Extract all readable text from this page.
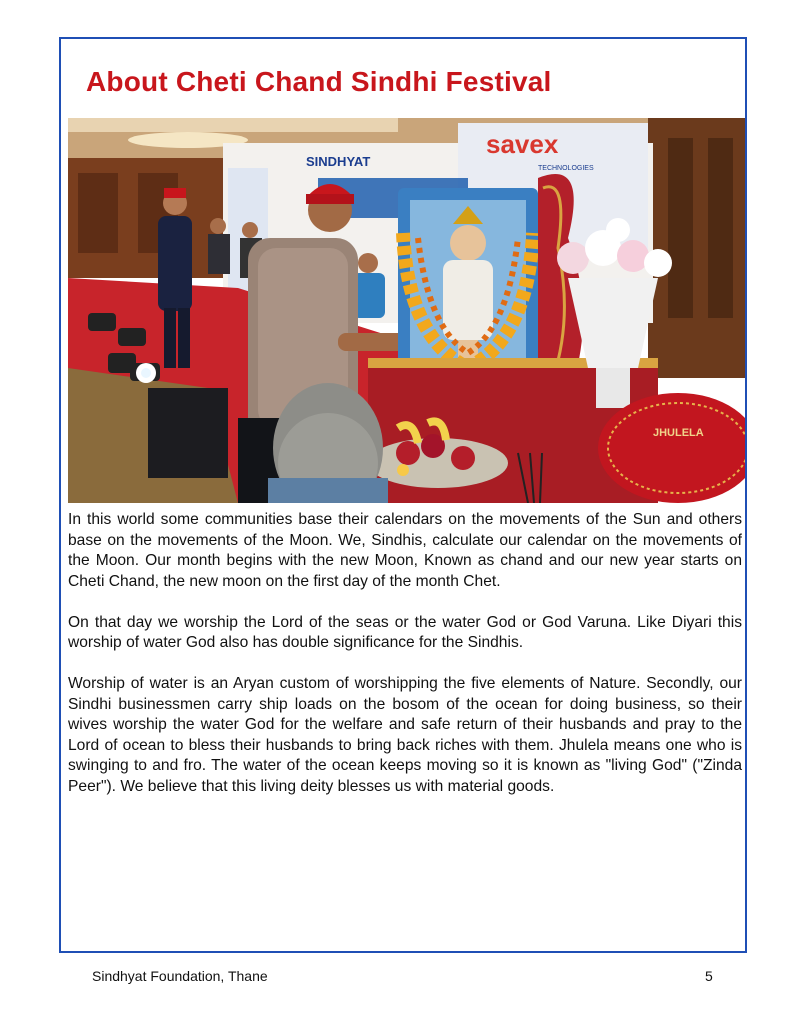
About Cheti Chand Sindhi Festival
savex
TECHNOLOGIES
SINDHYAT
JHULELA

In this world some communities base their calendars on the movements of the Sun and others base on the movements of the Moon. We, Sindhis, calculate our calendar on the movements of the Moon. Our month begins with the new Moon, Known as chand and our new year starts on Cheti Chand, the new moon on the first day of the month Chet.

On that day we worship the Lord of the seas or the water God or God Varuna. Like Diyari this worship of water God also has double significance for the Sindhis.

Worship of water is an Aryan custom of worshipping the five elements of Nature. Secondly, our Sindhi businessmen carry ship loads on the bosom of the ocean for doing business, so their wives worship the water God for the welfare and safe return of their husbands and pray to the Lord of ocean to bless their husbands to bring back riches with them. Jhulela means one who is swinging to and fro. The water of the ocean keeps moving so it is known as "living God" ("Zinda Peer"). We believe that this living deity blesses us with material goods.

Sindhyat Foundation, Thane	5
